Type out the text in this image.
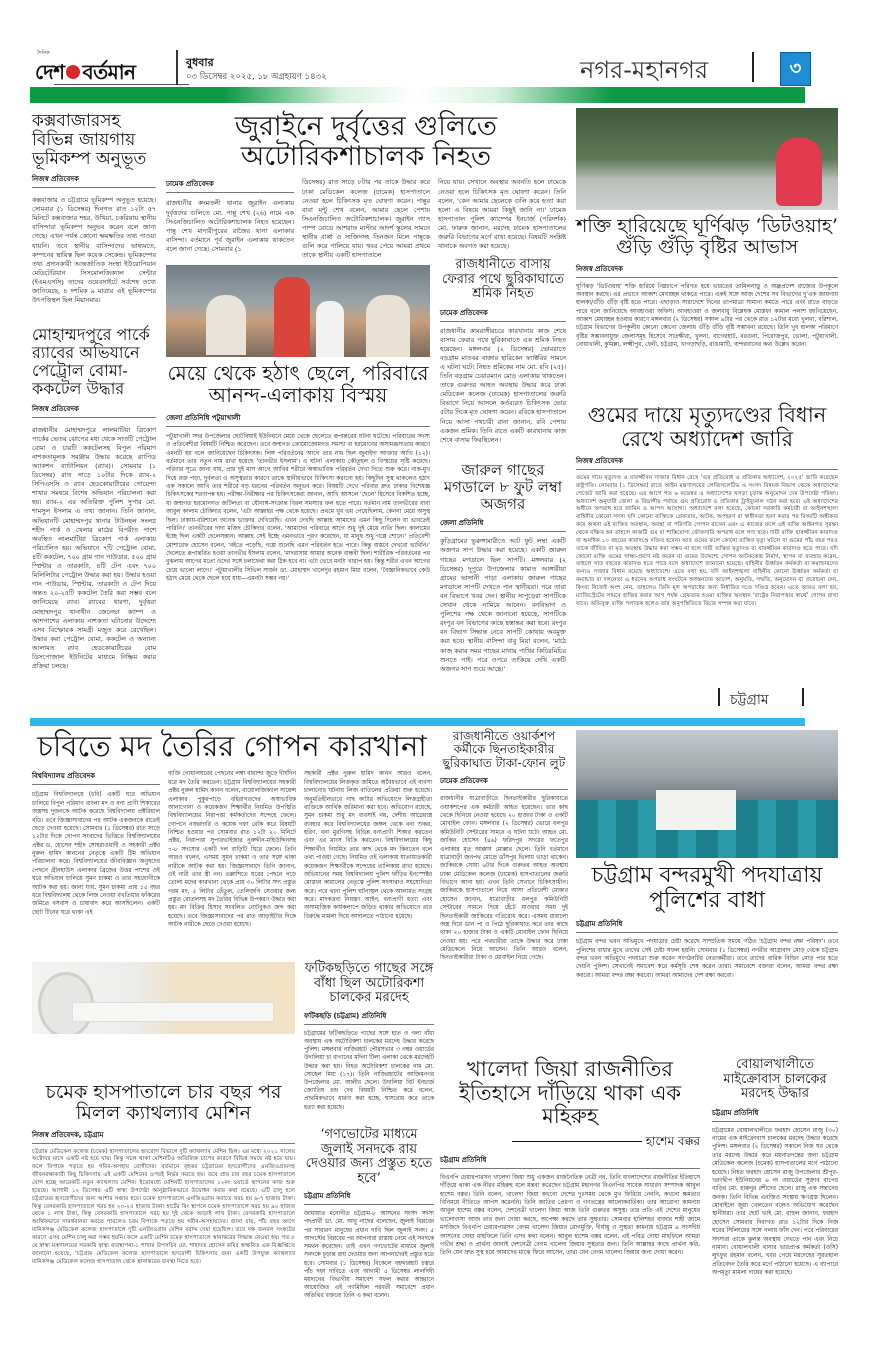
দৈনিক
দেশ বর্তমান	বুধবার
০৩ ডিসেম্বর ২০২৫, ১৮ অগ্রহায়ণ ১৪৩২	নগর-মহানগর	৩
কক্সবাজারসহ বিভিন্ন জায়গায় ভূমিকম্প অনুভূত
নিজস্ব প্রতিবেদক
কক্সবাজার ও চট্টগ্রামে ভূমিকম্প অনুভূত হয়েছে। সোমবার (১ ডিসেম্বর) দিনগত রাত ১২টা ৫৭ মিনিটে কক্সবাজার শহর, উখিয়া, চকরিয়ায় স্থানীয় বাসিন্দারা ভূমিকম্প অনুভব করেন বলে জানা গেছে। এখন পর্যন্ত কোনো ক্ষয়ক্ষতির তথ্য পাওয়া যায়নি। তবে স্থানীয় বাসিন্দাদের ভাষ্যমতে, কম্পনের স্থায়িত্ব ছিল কয়েক সেকেন্ড। ভূমিকম্পের তথ্য প্রদানকারী আন্তর্জাতিক সংস্থা ইউরোপিয়ান মেডিটেরিয়ান সিসমোলজিক্যাল সেন্টার (ইএমএসসি) তাদের ওয়েবসাইটে সর্বশেষ তথ্যে জানিয়েছে, ৪ দশমিক ৯ মাত্রার এই ভূমিকম্পের উৎপত্তিস্থল ছিল মিয়ানমার।
মোহাম্মদপুরে পার্কে র‍্যাবের অভিযানে পেট্রোল বোমা-ককটেল উদ্ধার
নিজস্ব প্রতিবেদক
রাজধানীর মোহাম্মদপুরে লালমাটিয়া ত্রিকোণ পার্কের ভেতর ঝোপের মধ্য থেকে সাতটি পেট্রোল বোমা ও চারটি ককটেলসহ বিপুল পরিমাণ নাশকতামূলক সরঞ্জাম উদ্ধার করেছে র‍্যাপিড অ্যাকশন ব্যাটালিয়ন (র‍্যাব)। সোমবার (১ ডিসেম্বর) রাত সাড়ে ১০টার দিকে র‍্যাব-২ সিপিএসসি ও র‍্যাব হেডকোয়ার্টারের গোয়েন্দা শাখার সমন্বয়ে বিশেষ অভিযান পরিচালনা করা হয়। র‍্যাব-২ এর অতিরিক্ত পুলিশ সুপার মো. শামসুল ইসলাম এ তথ্য জানান। তিনি জানান, অভিযানটি মোহাম্মদপুর থানার টাউনহল সংলগ্ন শহীদ পার্ক ও খেলার মাঠের বিপরীত পাশে অবস্থিত লালমাটিয়া ত্রিকোণ পার্ক এলাকায় পরিচালিত হয়। অভিযানে ৭টি পেট্রোল বোমা, ৪টি ককটেল, ৭০০ গ্রাম গান পাউডার, ৫০০ গ্রাম স্প্লিন্টার ও তারকাটা, ৪টি টেপ এবং ৭০০ মিলিলিটার পেট্রোল উদ্ধার করা হয়। উদ্ধার হওয়া গান পাউডার, স্প্লিন্টার, তারকাটা ও টেপ দিয়ে অন্তত ২০-২৫টি ককটেল তৈরি করা সম্ভব বলে জানিয়েছে র‍্যাব। র‍্যাবের ধারণা, দুর্বৃত্তরা মোহাম্মদপুর থানাধীন জেনেভা ক্যাম্প ও আশপাশের এলাকায় নাশকতা ঘটানোর উদ্দেশ্যে এসব বিস্ফোরক সামগ্রী মজুত করে রেখেছিল। উদ্ধার করা পেট্রোল বোমা, ককটেল ও অন্যান্য আলামত র‍্যাব হেডকোয়ার্টারের বোম ডিসপোজাল ইউনিটের মাধ্যমে নিষ্ক্রিয় করার প্রক্রিয়া চলছে।
জুরাইনে দুর্বৃত্তের গুলিতে অটোরিকশাচালক নিহত
ঢামেক প্রতিবেদক
রাজধানীর কদমতলী থানার জুরাইন এলাকায় দুর্বৃত্তদের গুলিতে মো. পান্নু শেখ (২৬) নামে এক সিএনজিচালিত অটোরিকশাচালক নিহত হয়েছেন। পান্নু শেখ মাদারীপুরের রাজৈর থানা এলাকার বাসিন্দা। বর্তমানে পূর্ব জুরাইন এলাকায় থাকতেন বলে জানা গেছে। সোমবার (১
ডিসেম্বর) রাত সাড়ে ৮টার পর তাকে উদ্ধার করে ঢাকা মেডিকেল কলেজ (ঢামেক) হাসপাতালে নেওয়া হলে চিকিৎসক মৃত ঘোষণা করেন। পান্নুর বাবা মন্টু শেখ বলেন, আমার ছেলে পেশায় সিএনজিচালিত অটোরিকশাচালক। জুরাইন গ্যাস পাম্প রোডে আশরাফ মাস্টার আদর্শ স্কুলের সামনে স্থানীয় বাপ্পা ও সাজিদসহ তিনজন মিলে পান্নুকে গুলি করে পালিয়ে যায়। খবর পেয়ে আমরা প্রথমে তাকে স্থানীয় একটি হাসপাতালে
নিয়ে যায়। সেখানে অবস্থার অবনতি হলে ঢামেকে নেওয়া হলে চিকিৎসক মৃত ঘোষণা করেন। তিনি বলেন, 'কেন আমার ছেলেকে গুলি করে হত্যা করা হলো এ বিষয়ে আমরা কিছুই জানি না।' ঢামেক হাসপাতাল পুলিশ ক্যাম্পের ইনচার্জ (পরিদর্শক) মো. ফারুক জানান, মরদেহ ঢামেক হাসপাতালের জরুরি বিভাগের মর্গে রাখা হয়েছে। বিষয়টি সংশ্লিষ্ট থানাকে অবগত করা হয়েছে।
মেয়ে থেকে হঠাৎ ছেলে, পরিবারে আনন্দ-এলাকায় বিস্ময়
জেলা প্রতিনিধি পটুয়াখালী
পটুয়াখালী সদর উপজেলার ছোটবিঘাই ইউনিয়নে মেয়ে থেকে ছেলেতে রূপান্তরের ঘটনা ঘটেছে। পরিবারের সদস্য ও প্রতিবেশীরা বিষয়টি নিশ্চিত করেছেন। তবে জন্মগত ক্রোমোজোমগত সমস্যা বা হরমোনের অসামঞ্জস্যতার কারণে এমনটি হয় বলে জানিয়েছেন চিকিৎসক। লিঙ্গ পরিবর্তনের আগে তার নাম ছিল জুবাইদা আক্তার আখি (১২)। বর্তমানে তার নতুন নাম রাখা হয়েছে 'তানভীর ইসলাম'। এ ঘটনা এলাকায় কৌতূহল ও বিস্ময়ের সৃষ্টি করেছে। পরিবার সূত্রে জানা যায়, প্রায় দুই মাস আগে আখির শরীরে অস্বাভাবিক পরিবর্তন দেখা দিতে শুরু করে। নাক-মুখ দিয়ে রক্ত পড়া, দুর্বলতা ও অসুস্থতার কারণে তাকে স্থানীয়ভাবে চিকিৎসা করানো হয়। কিছুদিন সুস্থ থাকলেও হঠাৎ এক সকালে আখি তার শরীরে বড় ধরনের পরিবর্তন অনুভব করে। বিষয়টি দেখে পরিবার দ্রুত ঢাকার বিশেষজ্ঞ চিকিৎসকের শরণাপন্ন হয়। পরীক্ষা-নিরীক্ষার পর চিকিৎসকেরা জানান, আখি আসলে 'ছেলে' হিসেবে বিকশিত হচ্ছে, যা জন্মগত হরমোনগত জটিলতা বা যৌনাঙ্গ-সংক্রান্ত বিরল সমস্যার ফল হতে পারে। বর্তমান নাম তানভীরের বাবা আবুল কালাম চৌকিদার বলেন, 'এটা আল্লাহর পক্ষ থেকে হয়েছে। প্রথমে খুব ভয় পেয়েছিলাম, কেননা মেয়ে অসুস্থ ছিল। ঢাকায়-বরিশালে অনেক ডাক্তার দেখিয়েছি। এখন দেখছি আল্লাহ আমাদের এমন কিছু দিলেন যা ভাবতেই পারিনি।' তানভীরের দাদা মজিদ চৌকিদার বলেন, 'আমাদের পরিবারে আগে শুধু দুই মেয়ে নাতি ছিল। কালামের ইচ্ছে ছিল একটি ছেলেসন্তান। আল্লাহ সেই ইচ্ছে এমনভাবে পূরণ করেছেন, যা মানুষ শুধু গল্পে শোনে।' প্রতিবেশী মোশারেফ হোসেন বলেন, 'বইতে পড়েছি, গল্পে শুনেছি এমন পরিবর্তন হতে পারে। কিন্তু বাস্তবে দেখবো ভাবিনি।' ছেলেতে রূপান্তরিত হওয়া তানভীর ইসলাম বলেন, 'মাদরাসায় আমার অনেক বান্ধবী ছিল। শারীরিক পরিবর্তনের পর বুঝলাম আগের মতো ওদের সঙ্গে চলাফেরা করা ঠিক হবে না। এটা ভেবে মনটা খারাপ হয়। কিন্তু শরীর এখন আগের চেয়ে ভালো লাগে।' পটুয়াখালীর সিভিল সার্জন ডা. মোহাম্মদ খালেদুর রহমান মিয়া বলেন, 'বৈজ্ঞানিকভাবে কেউ হঠাৎ মেয়ে থেকে ছেলে হয়ে যায়—এমনটা সম্ভব নয়।'
রাজধানীতে বাসায় ফেরার পথে ছুরিকাঘাতে শ্রমিক নিহত
ঢামেক প্রতিবেদক
রাজধানীর কামরাঙ্গীরচরে কারখানায় কাজ শেষে বাসায় ফেরার পথে ছুরিকাঘাতে এক শ্রমিক নিহত হয়েছেন। মঙ্গলবার (২ ডিসেম্বর) ভোররাতে বড়গ্রাম মাতবর বাজার হারিকেন ফ্যাক্টরির সামনে এ ঘটনা ঘটে। নিহত শ্রমিকের নাম মো. রবি (২৫)। তিনি বড়গ্রাম চেয়ারম্যান মোড় এলাকায় থাকতেন। তাকে গুরুতর আহত অবস্থায় উদ্ধার করে ঢাকা মেডিকেল কলেজ (ঢামেক) হাসপাতালের জরুরি বিভাগে নিয়ে আসলে কর্তব্যরত চিকিৎসক ভোর ৫টার দিকে মৃত ঘোষণা করেন। রবিকে হাসপাতালে নিয়ে আসা পথচারী রানা জানান, রবি পেশায় একজন শ্রমিক। তিনি রাতে একটি কারখানায় কাজ শেষে বাসায় ফিরছিলেন।
জারুল গাছের মগডালে ৮ ফুট লম্বা অজগর
জেলা প্রতিনিধি
কুড়িগ্রামের ভুরুঙ্গামারীতে আট ফুট লম্বা একটি অজগর সাপ উদ্ধার করা হয়েছে। একটি জারুল গাছের মগডালে ছিল সাপটি। মঙ্গলবার (২ ডিসেম্বর) দুপুরে উপজেলার কামাত আঙ্গারীয়া গ্রামের ভাসানী পাড়া এলাকায় জারুল গাছের মগডালে সাপটি দেখতে পান স্থানীয়রা। পরে তারা বন বিভাগে খবর দেন। স্থানীয় সাপুড়েরা সাপটিকে সেখান থেকে নামিয়ে আনেন। বনবিভাগ ও পুলিশের পক্ষ থেকে জানানো হয়েছে, সাপটিকে রংপুর বন বিভাগের কাছে হস্তান্তর করা হবে। রংপুর বন বিভাগ সিদ্ধান্ত নেবে সাপটি কোথায় অবমুক্ত করা হবে। স্থানীয় বাসিন্দা বাবু মিয়া বলেন, 'মাঠে কাজ করার সময় গাছের মাথায় পাখির কিচিরমিচির শুনতে পাই। পরে ওপরে তাকিয়ে দেখি একটি অজগর সাপ শুয়ে আছে।'
শক্তি হারিয়েছে ঘূর্ণিঝড় ‘ডিটওয়াহ’ গুঁড়ি গুঁড়ি বৃষ্টির আভাস
নিজস্ব প্রতিবেদক
ঘূর্ণিঝড় 'ডিটওয়াহ' শক্তি হারিয়ে নিম্নচাপে পরিণত হয়ে ভারতের তামিলনাড়ু ও অন্ধ্রপ্রদেশ রাজ্যের উপকূলে অবস্থান করছে। এর প্রভাবে আকাশ মেঘাচ্ছন্ন থাকতে পারে। একই সঙ্গে আজ দেশের সব বিভাগের দু'এক জায়গায় হালকা/গুঁড়ি গুঁড়ি বৃষ্টি হতে পারে। এছাড়াও সারাদেশে দিনের তাপমাত্রা সামান্য কমতে পারে এবং রাতে বাড়তে পারে বলে জানিয়েছে আবহাওয়া অফিস। আবহাওয়া ও জলবায়ু বিশ্লেষক মোস্তফা কামাল পলাশ জানিয়েছেন, আকাশ মেঘাচ্ছন্ন হওয়ার কারণে মঙ্গলবার (২ ডিসেম্বর) সকাল ৯টার পর থেকে রাত ১২টার মধ্যে খুলনা, বরিশাল, চট্টগ্রাম বিভাগের উপকূলীয় কোনো কোনো জেলায় গুঁড়ি গুঁড়ি বৃষ্টি সম্ভাবনা রয়েছে। তিনি খুব হালকা পরিমাণে বৃষ্টির সম্ভাবনাযুক্ত জেলাসমূহ হিসেবে সাতক্ষীরা, খুলনা, বাগেরহাট, বরগুনা, পিরোজপুর, ভোলা, পটুয়াখালী, নোয়াখালী, কুমিল্লা, লক্ষ্মীপুর, ফেনী, চট্টগ্রাম, খাগড়াছড়ি, রাঙামাটি, বান্দরবানের কথা উল্লেখ করেন।
গুমের দায়ে মৃত্যুদণ্ডের বিধান রেখে অধ্যাদেশ জারি
নিজস্ব প্রতিবেদক
গুমের দায়ে মৃত্যুদণ্ড ও যাবজ্জীবন সাজার বিধান রেখে 'গুম প্রতিরোধ ও প্রতিকার অধ্যাদেশ, ২০২৫' জারি করেছেন রাষ্ট্রপতি। সোমবার (১ ডিসেম্বর) রাতে আইন মন্ত্রণালয়ের লেজিসলেটিভ ও সংসদ বিষয়ক বিভাগ থেকে অধ্যাদেশের গেজেট জারি করা হয়েছে। এর আগে গত ৬ নভেম্বর এ অধ্যাদেশের খসড়া চূড়ান্ত অনুমোদন দেয় উপদেষ্টা পরিষদ। অধ্যাদেশ অনুযায়ী জেলা ও বিভাগীয় পর্যায়ে গুম প্রতিরোধ ও প্রতিকার ট্রাইব্যুনাল গঠন করা হবে। এই অধ্যাদেশের অধীনে অপরাধ হবে জামিন ও আপস অযোগ্য। অধ্যাদেশে বলা হয়েছে, কোনো সরকারি কর্মচারী বা আইনশৃঙ্খলা বাহিনীর কোনো সদস্য যদি কোনো ব্যক্তিকে গ্রেফতার, আটক, অপহরণ বা স্বাধীনতা হরণ করার পর বিষয়টি অস্বীকার করে অথবা ওই ব্যক্তির অবস্থান, অবস্থা বা পরিণতি গোপন রাখেন এবং এ কাজের ফলে ওই ব্যক্তি আইনগত সুরক্ষা থেকে বঞ্চিত হন তাহলে কাজটি গুম বা শাস্তিযোগ্য ফৌজদারি অপরাধ বলে গণ্য হবে। দায়ী ব্যক্তি যাবজ্জীবন কারাদণ্ড বা অনধিক ১০ বছরের কারাদণ্ডে দণ্ডিত হবেন। আর গুমের ফলে কোনো ব্যক্তির মৃত্যু ঘটলে বা গুমের পাঁচ বছর পরও তাকে জীবিত বা মৃত অবস্থায় উদ্ধার করা সম্ভব না হলে দায়ী ব্যক্তির মৃত্যুদণ্ড বা যাবজ্জীবন কারাদণ্ড হতে পারে। যদি কোনো ব্যক্তি গুমের সাক্ষ্য-প্রমাণ নষ্ট করেন বা গুমের উদ্দেশ্যে গোপন আটককেন্দ্র নির্মাণ, স্থাপন বা ব্যবহার করেন, তাহলে সাত বছরের কারাদণ্ড হতে পারে বলে অধ্যাদেশে জানানো হয়েছে। বাহিনীর ঊর্ধ্বতন কর্মকর্তা বা কমান্ডারদের জন্যও সাজার বিধান রয়েছে অধ্যাদেশে। এতে বলা হয়, যদি আইনশৃঙ্খলা বাহিনীর কোনো ঊর্ধ্বতন কর্মকর্তা বা কমান্ডার বা দলনেতা এ ধরনের অপরাধ সংঘটনে অধস্তনদের আদেশ, অনুমতি, সম্মতি, অনুমোদন বা প্ররোচনা দেন, কিংবা নিজেই অংশ নেন, তাহলেও তিনি মূল অপরাধের জন্য নির্ধারিত দণ্ডে দণ্ডিত হবেন। এতে আরও বলা হয়, ম্যাজিস্ট্রেটের সামনে হাজির করার আগ পর্যন্ত গ্রেফতার হওয়া ব্যক্তির অবস্থান 'রাষ্ট্রের নিরাপত্তার স্বার্থে' গোপন রাখা যাবে। অভিযুক্ত ব্যক্তি পলাতক হলেও তার অনুপস্থিতিতে বিচার সম্পন্ন করা যাবে।
চট্টগ্রাম
চবিতে মদ তৈরির গোপন কারখানা
বিশ্ববিদ্যালয় প্রতিবেদক
চট্টগ্রাম বিশ্ববিদ্যালয়ে (চবি) একটি ঘরে অভিযান চালিয়ে বিপুল পরিমাণ বাংলা মদ ও বন্য প্রাণী শিকারের অস্ত্রসহ দুজনকে আটক করেছে বিশ্ববিদ্যালয় প্রক্টরিয়াল বডি। তবে জিজ্ঞাসাবাদের পর আটক একজনকে রাতেই ছেড়ে দেওয়া হয়েছে। সোমবার (১ ডিসেম্বর) রাত সাড়ে ১২টার দিকে গোপন সংবাদের ভিত্তিতে বিশ্ববিদ্যালয়ের প্রক্টর ড. হোসেন শহীদ সোহরাওয়ার্দী ও সহকারী প্রক্টর নুরুল হামিদ কাননের নেতৃত্বে একটি টিম অভিযান পরিচালনা করে। বিশ্ববিদ্যালয়ের জীববিজ্ঞান অনুষদের পেছনে গ্রীনহাউস এলাকার ব্রিজের উত্তর পাশের ওই ঘরে অভিযান চালিয়ে সুমন চাকমা ও তার সহযোগীকে আটক করা হয়। জানা যায়, সুমন চাকমা প্রায় ১৫ বছর ধরে বিশ্ববিদ্যালয় থেকে লিজ নেওয়া বখতিয়ার ফকিরের জমিতে বসবাস ও চাষাবাদ করে আসছিলেন। একটি ছোট টিনের ঘরে থাকা এই
ব্যক্তি গোয়ালঘরের পেছনের লম্বা বারান্দা জুড়ে দীর্ঘদিন ধরে মদ তৈরি করতেন। চট্টগ্রাম বিশ্ববিদ্যালয়ের সহকারী প্রক্টর নুরুল হামিদ কানন বলেন, বায়োলজিক্যাল সায়েন্স এলাকার পুকুরপাড়ে বহিরাগতদের অস্বাভাবিক আনাগোনা ও কয়েকজন শিক্ষার্থীর নিয়মিত উপস্থিতি বিশ্ববিদ্যালয়ের নিরাপত্তা কর্মকর্তাদের সন্দেহে ফেলে। গোপনে নজরদারি ও কয়েক দফা রেকি করে বিষয়টি নিশ্চিত হওয়ার পর সোমবার রাত ১২টা ২০ মিনিটে প্রক্টর, নিরাপত্তা সুপারভাইজার নুরুদ্দীন-মহিউদ্দিনসহ ৭-৮ সদস্যের একটি দল বাড়িটি ঘিরে ফেলে। তিনি আরও বলেন, এসময় সুমন চাকমা ও তার সঙ্গে থাকা নারীকে আটক করা হয়। জিজ্ঞাসাবাদে তিনি জানান, ওই নারী তার স্ত্রী নন। তল্লাশিতে ঘরের পেছনে গড়ে তোলা মদের কারখানা থেকে প্রায় ৩০ লিটার সদ্য প্রস্তুত গরম মদ, ৫ লিটার তেঁতুল, তেলিজগি সেওয়ার জন্য প্রস্তুত বোতলসহ মদ তৈরির বিভিন্ন উপকরণ উদ্ধার করা হয়। মদ বিক্রির হিসাব সংবলিত নোটবুকও জব্দ করা হয়েছে। তবে জিজ্ঞাসাবাদের পর রাত আড়াইটার দিকে আটক নারীকে ছেড়ে দেওয়া হয়েছে।
সহকারী প্রক্টর নুরুল হামিদ কানন আরও বলেন, বিশ্ববিদ্যালয়ের লিজকৃত জমিতে অবৈধভাবে এই ব্যবসা চালানোর ঘটনায় লিজ বাতিলের প্রক্রিয়া শুরু হয়েছে। অনুমতিহীনভাবে গাছ কাটার অভিযোগে লিজগ্রহীতা ব্যক্তিকে আর্থিক জরিমানা করা হবে। অভিযোগ রয়েছে, সুমন চাকমা শুধু মদ ব্যবসাই নয়, দেশীয় আগ্নেয়াস্ত্র ব্যবহার করে বিশ্ববিদ্যালয়ের জঙ্গল থেকে বন্য শুকর, হরিণ, বন্য মুরগিসহ বিভিন্ন বন্যপ্রাণী শিকার করতেন এবং এর মাংস বিক্রি করতেন। বিশ্ববিদ্যালয়ের কিছু শিক্ষার্থীও নিয়মিত তার কাছ থেকে মদ কিনতেন বলে তথ্য পাওয়া গেছে। নিয়মিত ওই এলাকায় যাতায়াতকারী কয়েকজন শিক্ষার্থীকে সন্দেহের তালিকায় রাখা হয়েছে। অভিযানের সময় বিশ্ববিদ্যালয় পুলিশ ফাঁড়ির ইনস্পেক্টর মোস্তফা কামালের নেতৃত্বে পুলিশ সদস্যরাও সহযোগিতা করে। পরে থানা পুলিশ ঘটনাস্থল থেকে আলামত সংগ্রহ করে। মাদকদ্রব্য নিয়ন্ত্রণ আইন, বন্যপ্রাণী হত্যা এবং অসামাজিক কার্যকলাপে জড়িত থাকার অভিযোগে তার বিরুদ্ধে মামলা দিয়ে আদালতে পাঠানো হয়েছে।
ফটিকছড়িতে গাছের সঙ্গে বাঁধা ছিল অটোরিকশা চালকের মরদেহ
ফটিকছড়ি (চট্টগ্রাম) প্রতিনিধি
চট্টগ্রামের ফটিকছড়িতে গাছের সঙ্গে হাত ও গলা বাঁধা অবস্থায় এক অটোরিকশা চালকের মরদেহ উদ্ধার করেছে পুলিশ। মঙ্গলবার নাজিরহাট পৌরসভার ৩ নম্বর ওয়ার্ডের উদালিয়া চা বাগানের মদিনা টিলা এলাকা থেকে মরদেহটি উদ্ধার করা হয়। নিহত অটোরিকশা চালকের নাম মো. সোহেল মিয়া (১৭)। তিনি নাজিরহাটের আজিমনগর উপজেলার মো. আলীর ছেলে। উদালিয়া বিট ইনচার্জ জ্যোতিষ চন্দ্র দেব বিষয়টি নিশ্চিত করে বলেন, প্রাথমিকভাবে ধারণা করা হচ্ছে, শ্বাসরোধ করে তাকে হত্যা করা হয়েছে।
‘গণভোটের মাধ্যমে জুলাই সনদকে রায় দেওয়ার জন্য প্রস্তুত হতে হবে’
চট্টগ্রাম প্রতিনিধি
জামায়াত মনোনীত চট্টগ্রাম-৮ আসনের সংসদ সদস্য পদপ্রার্থী ডা. মো. আবু নাছের বলেছেন, জুলাই বিপ্লবের পর সাধারণ মানুষের প্রধান দাবি ছিল জুলাই সনদ। ৫ আগস্টের বিপ্লবের পর আপনারা রাস্তায় নেমে এই সনদকে সমর্থন করেছেন। তাই এখন গণভোটের মাধ্যমে জুলাই সনদকে চূড়ান্ত রায় দেওয়ার জন্য আপনাদেরই প্রস্তুত হতে হবে। সোমবার (১ ডিসেম্বর) বিকেলে বহদ্দারহাট চত্বরে পাঁচ দফা দাবিতে এবং আগামী ৫ ডিসেম্বর লালদিঘী ময়দানের বিভাগীয় সমাবেশ সফল করার আহ্বানে আয়োজিত এই গণমিছিল পরবর্তী সমাবেশে প্রধান অতিথির বক্তব্যে তিনি এ কথা বলেন।
চমেক হাসপাতালে চার বছর পর মিলল ক্যাথল্যাব মেশিন
নিজস্ব প্রতিবেদক, চট্টগ্রাম
চট্টগ্রাম মেডিকেল কলেজ (চমেক) হাসপাতালের হৃদরোগ বিভাগে দুটি ক্যাথল্যাব মেশিন ছিল। এর মধ্যে ২০২১ সালের অক্টোবর মাসে একটি নষ্ট হয়ে যায়। কিন্তু সচল থাকা মেশিনটিও অতিরিক্ত চাপের কারণে বিভিন্ন সময়ে নষ্ট হয়ে যায়। ফলে বিপাকে পড়তে হয় গরিব-অসহায় রোগীদের। বর্তমানে বৃহত্তর চট্টগ্রামের হৃদরোগীদের এনজিওগ্রামসহ জীবনরক্ষাকারী কিছু চিকিৎসায় এই একটি মেশিনের ওপরই নির্ভর করতে হয়। তবে প্রায় চার বছর চমেক হাসপাতালে যোগ হচ্ছে আরেকটি নতুন ক্যাথল্যাব মেশিন। ইতোমধ্যে মেশিনটি হাসপাতালের ১২নং ওয়ার্ডে স্থাপনের কাজ শুরু হয়েছে। আগামী ১২ ডিসেম্বর এটি স্বাস্থ্য উপদেষ্টা আনুষ্ঠানিকভাবে উদ্বোধন করার কথা রয়েছে। এটি চালু হলে চট্টগ্রামের হৃদরোগীদের জন্য আশার সঞ্চার হবে। চমেক হাসপাতালে এনজিওগ্রাম করাতে খরচ হয় ৬-৭ হাজার টাকা। কিন্তু বেসরকারি হাসপাতালে খরচ হয় ২০-২৫ হাজার টাকা। হার্টের রিং স্থাপনে চমেক হাসপাতালে খরচ হয় ৯০ হাজার থেকে ১ লাখ টাকা, কিন্তু বেসরকারি হাসপাতালে খরচ হয় দুই থেকে আড়াই লাখ টাকা। বেসরকারি হাসপাতালে আর্থিকভাবে সামর্থবানরা করতে পারলেও চরম বিপাকে পড়তে হয় গরীব-অসহায়দের। জানা যায়, পাঁচ বছর আগে মানিকগঞ্জ মেডিকেল কলেজ হাসপাতালে দুটি এনজিওগ্রাম মেশিন বরাদ্দ দেয়া হয়েছিল। তবে দক্ষ জনবল সংকটের কারণে এসব মেশিন চালু করা সম্ভব হয়নি। ফলে একটি মেশিন চমেক হাসপাতালে স্থানান্তরের সিদ্ধান্ত নেওয়া হয়। গত ৮ মে স্বাস্থ্য মন্ত্রণালয়ের সরকারি স্বাস্থ্য ব্যবস্থাপনা-১ শাখার উপসচিব মো. শাহাদত হোসেন কবির স্বাক্ষরিত এক বিজ্ঞপ্তিতে জানানো হয়েছে, 'চট্টগ্রাম মেডিকেল কলেজ হাসপাতালে হৃদরোগী চিকিৎসার জন্য একটি উপযুক্ত ক্যাথল্যাব মানিকগঞ্জ মেডিকেল কলেজ হাসপাতাল থেকে স্থানান্তরের ব্যবস্থা নিতে হবে।
রাজধানীতে ওয়ার্কশপ কর্মীকে ছিনতাইকারীর ছুরিকাঘাত টাকা-ফোন লুট
ঢামেক প্রতিবেদক
রাজধানীর যাত্রাবাড়ীতে ছিনতাইকারীর ছুরিকাঘাতে ওয়ার্কশপের এক কর্মচারী আহত হয়েছেন। তার কাছ থেকে ছিনিয়ে নেওয়া হয়েছে ২০ হাজার টাকা ও একটি মোবাইল ফোন। মঙ্গলবার (২ ডিসেম্বর) ভোরে ধলপুর কমিউনিটি সেন্টারের সামনে এ ঘটনা ঘটে। আহত মো. জাকির হোসেন (৪৬) ফরিদপুর সদরের ফতেপুর এলাকার মৃত আক্কাস মোল্লার ছেলে। তিনি বর্তমানে যাত্রাবাড়ী জনপথ মোড়ে ডাঁসপুর ভিলায় ভাড়া থাকেন। জাকিরকে সোয়া ৬টার দিকে গুরুতর আহত অবস্থায় ঢাকা মেডিকেল কলেজ (ঢামেক) হাসপাতালের জরুরি বিভাগে আনা হয়। এখন তিনি সেখানে চিকিৎসাধীন। জাকিরকে হাসপাতালে নিয়ে আসা প্রতিবেশী মোকার হোসেন জানান, যাত্রাবাড়ীর ধলপুর কমিউনিটি সেন্টারের সামনে দিয়ে হেঁটে যাওয়ার সময় দুই ছিনতাইকারী জাকিরের গতিরোধ করে। এসময় ধারালো অস্ত্র দিয়ে ডান পা ও পিঠে ছুরিকাঘাত করে তার কাছে থাকা ২০ হাজার টাকা ও একটি মোবাইল ফোন ছিনিয়ে নেওয়া হয়। পরে পথচারীরা তাকে উদ্ধার করে ঢাকা মেডিকেলে নিয়ে আসেন। তিনি আরও বলেন, ছিনতাইকারীরা টাকা ও মোবাইল নিয়ে গেছে।
চট্টগ্রাম বন্দরমুখী পদযাত্রায় পুলিশের বাধা
চট্টগ্রাম প্রতিনিধি
চট্টগ্রাম বন্দর ভবন অভিমুখে পদযাত্রার চেষ্টা করেছে সাম্প্রতিক সময়ে গঠিত 'চট্টগ্রাম বন্দর রক্ষা পরিষদ'। তবে পুলিশের বাধার মুখে তাদের সেই চেষ্টা সফল হয়নি। সোমবার (১ ডিসেম্বর) নগরীর আগ্রাবাদ মোড় থেকে চট্টগ্রাম বন্দর ভবন অভিমুখে পদযাত্রা শুরু করেন সংগঠনটির নেতাকর্মীরা। তবে তাদের বারিক বিল্ডিং মোড় পার হতে দেয়নি পুলিশ। সেখানেই সমাবেশ করে কর্মসূচি শেষ করেন তারা। সমাবেশে বক্তারা বলেন, আমরা বন্দর রক্ষা করবো। আমরা বন্দর রক্ষা করবো। আমরা আমাদের দেশ রক্ষা করবো।
খালেদা জিয়া রাজনীতির ইতিহাসে দাঁড়িয়ে থাকা এক মহিরুহ
হাশেম বক্কর
চট্টগ্রাম প্রতিনিধি
বিএনপি চেয়ারপারসন খালেদা জিয়া শুধু একজন রাজনৈতিক নেত্রী নন, তিনি বাংলাদেশের রাজনীতির ইতিহাসে দাঁড়িয়ে থাকা এক নীরব মহিরুহ বলে মন্তব্য করেছেন চট্টগ্রাম মহানগর বিএনপির সাবেক সাধারণ সম্পাদক আবুল হাশেম বক্কর। তিনি বলেন, খালেদা জিয়া কখনো দেশের দুঃসময় থেকে মুখ ফিরিয়ে নেননি, কখনো ক্ষমতার বিনিময়ে নীতিতে আপস করেননি। তিনি জাতির প্রেরণা ও গণতন্ত্রের আলোকবর্তিকা। তার আরোগ্য কামনায় আবুল হাশেম বক্কর বলেন, দেশনেত্রী খালেদা জিয়া আজ তিনি গুরুতর অসুস্থ। তার প্রতি এই দেশের মানুষের ভালোবাসা আজ তার জন্য দোয়া করছে, অপেক্ষা করছে তার সুস্থতার। সোমবার হালিশহর বাজার শাহী জামে মসজিদে বিএনপি চেয়ারপারসন বেগম খালেদা জিয়ার রোগমুক্তি, দীর্ঘায়ু ও সুস্থতা কামনায় চট্টগ্রাম ৯ সংসদীয় আসনের দোয়া মাহফিলে তিনি এসব কথা বলেন। আবুল হাশেম বক্কর বলেন, এই পবিত্র দোয়া মাহফিলে আমরা গভীর শ্রদ্ধা ও প্রার্থনা জানাই দেশনেত্রী বেগম খালেদা জিয়ার সুস্থতার জন্য। তিনি আল্লাহর কাছে প্রার্থনা করি, তিনি যেন দ্রুত সুস্থ হয়ে আমাদের মাঝে ফিরে আসেন, তারা যেন বেগম খালেদা জিয়ার জন্য দোয়া করেন।
বোয়ালখালীতে মাইক্রোবাস চালকের মরদেহ উদ্ধার
চট্টগ্রাম প্রতিনিধি
চট্টগ্রামের বোয়ালখালীতে ফরহাদ হোসেন রাজু (৩০) নামের এক মাইক্রোবাস চালকের মরদেহ উদ্ধার করেছে পুলিশ। মঙ্গলবার (২ ডিসেম্বর) সকালে নিজ ঘর থেকে তার মরদেহ উদ্ধার করে ময়নাতদন্তের জন্য চট্টগ্রাম মেডিকেল কলেজ (চমেক) হাসপাতালের মর্গে পাঠানো হয়েছে। নিহত ফরহাদ হোসেন রাজু উপজেলার শ্রীপুর-খরণদ্বীপ ইউনিয়নের ৬ নং ওয়ার্ডের সুজাব বাপের বাড়ির মো. হারুনুর রশীদের ছেলে। রাজু এক সন্তানের জনক। তিনি বিভিন্ন এনজিও সংস্থায় ঋণগ্রস্ত ছিলেন। মোবাইলে জুয়া খেলতেন বলেও অভিযোগ করেছেন স্থানীয়রা। তার ছোট ভাই মো. রাহুল জানান, ফরহাদ হোসেন সোমবার দিবাগত রাত ১২টার দিকে নিজ ঘরের সিলিংয়ের সঙ্গে গলায় ফাঁস দেন। পরে পরিবারের সদস্যরা তাকে ঝুলন্ত অবস্থায় দেখতে পান এবং নিচে নামান। বোয়ালখালী থানার ভারপ্রাপ্ত কর্মকর্তা (ওসি) লুৎফুর রহমান বলেন, খবর পেয়ে মরদেহের সুরতহাল প্রতিবেদন তৈরি করে মর্গে পাঠানো হয়েছে। এ ব্যাপারে অপমৃত্যু মামলা দায়ের করা হয়েছে।
